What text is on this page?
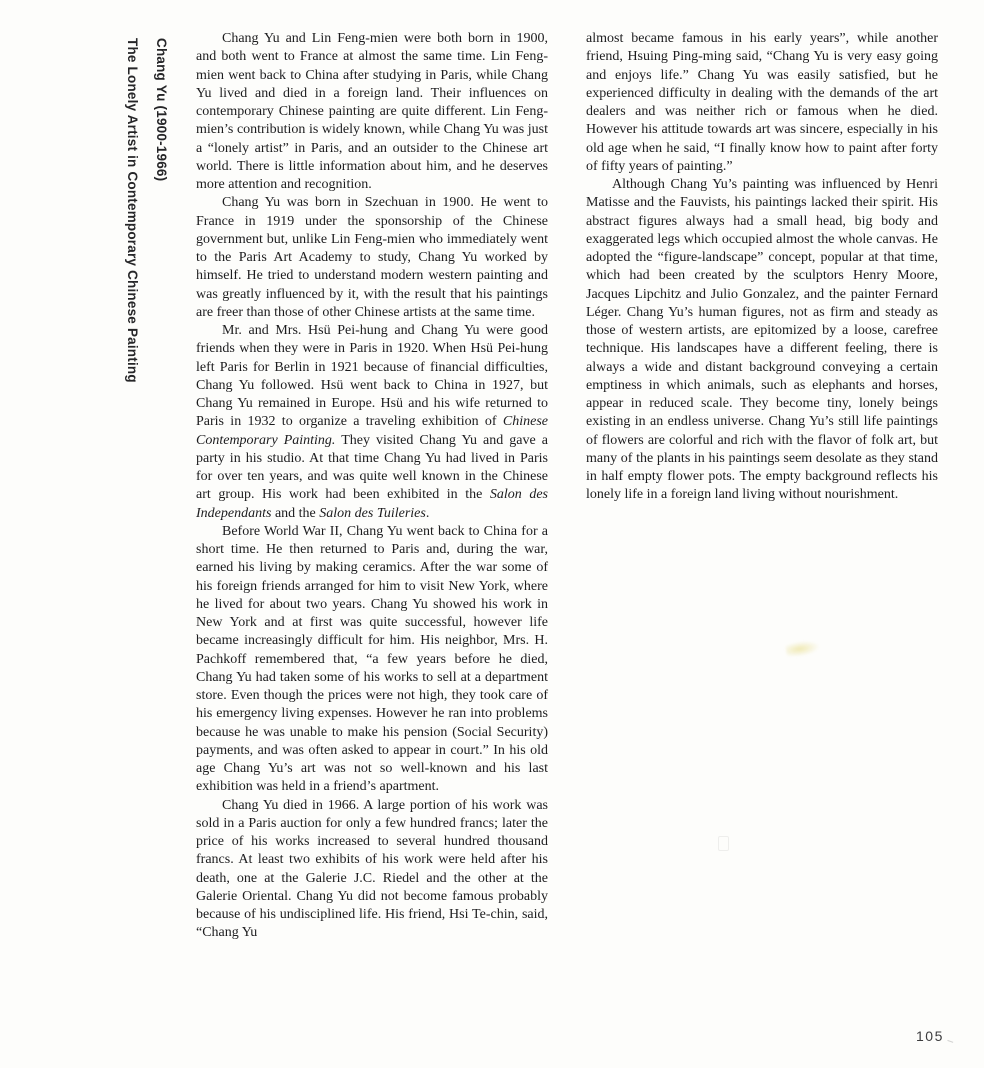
Chang Yu (1900-1966)
The Lonely Artist in Contemporary Chinese Painting	Chang Yu and Lin Feng-mien were both born in 1900, and both went to France at almost the same time. Lin Feng-mien went back to China after studying in Paris, while Chang Yu lived and died in a foreign land. Their influences on contemporary Chinese painting are quite different. Lin Feng-mien’s contribution is widely known, while Chang Yu was just a “lonely artist” in Paris, and an outsider to the Chinese art world. There is little information about him, and he deserves more attention and recognition.

Chang Yu was born in Szechuan in 1900. He went to France in 1919 under the sponsorship of the Chinese government but, unlike Lin Feng-mien who immediately went to the Paris Art Academy to study, Chang Yu worked by himself. He tried to understand modern western painting and was greatly influenced by it, with the result that his paintings are freer than those of other Chinese artists at the same time.

Mr. and Mrs. Hsü Pei-hung and Chang Yu were good friends when they were in Paris in 1920. When Hsü Pei-hung left Paris for Berlin in 1921 because of financial difficulties, Chang Yu followed. Hsü went back to China in 1927, but Chang Yu remained in Europe. Hsü and his wife returned to Paris in 1932 to organize a traveling exhibition of Chinese Contemporary Painting. They visited Chang Yu and gave a party in his studio. At that time Chang Yu had lived in Paris for over ten years, and was quite well known in the Chinese art group. His work had been exhibited in the Salon des Independants and the Salon des Tuileries.

Before World War II, Chang Yu went back to China for a short time. He then returned to Paris and, during the war, earned his living by making ceramics. After the war some of his foreign friends arranged for him to visit New York, where he lived for about two years. Chang Yu showed his work in New York and at first was quite successful, however life became increasingly difficult for him. His neighbor, Mrs. H. Pachkoff remembered that, “a few years before he died, Chang Yu had taken some of his works to sell at a department store. Even though the prices were not high, they took care of his emergency living expenses. However he ran into problems because he was unable to make his pension (Social Security) payments, and was often asked to appear in court.” In his old age Chang Yu’s art was not so well-known and his last exhibition was held in a friend’s apartment.

Chang Yu died in 1966. A large portion of his work was sold in a Paris auction for only a few hundred francs; later the price of his works increased to several hundred thousand francs. At least two exhibits of his work were held after his death, one at the Galerie J.C. Riedel and the other at the Galerie Oriental. Chang Yu did not become famous probably because of his undisciplined life. His friend, Hsi Te-chin, said, “Chang Yu

almost became famous in his early years”, while another friend, Hsuing Ping-ming said, “Chang Yu is very easy going and enjoys life.” Chang Yu was easily satisfied, but he experienced difficulty in dealing with the demands of the art dealers and was neither rich or famous when he died. However his attitude towards art was sincere, especially in his old age when he said, “I finally know how to paint after forty of fifty years of painting.”

Although Chang Yu’s painting was influenced by Henri Matisse and the Fauvists, his paintings lacked their spirit. His abstract figures always had a small head, big body and exaggerated legs which occupied almost the whole canvas. He adopted the “figure-landscape” concept, popular at that time, which had been created by the sculptors Henry Moore, Jacques Lipchitz and Julio Gonzalez, and the painter Fernard Léger. Chang Yu’s human figures, not as firm and steady as those of western artists, are epitomized by a loose, carefree technique. His landscapes have a different feeling, there is always a wide and distant background conveying a certain emptiness in which animals, such as elephants and horses, appear in reduced scale. They become tiny, lonely beings existing in an endless universe. Chang Yu’s still life paintings of flowers are colorful and rich with the flavor of folk art, but many of the plants in his paintings seem desolate as they stand in half empty flower pots. The empty background reflects his lonely life in a foreign land living without nourishment.

105
